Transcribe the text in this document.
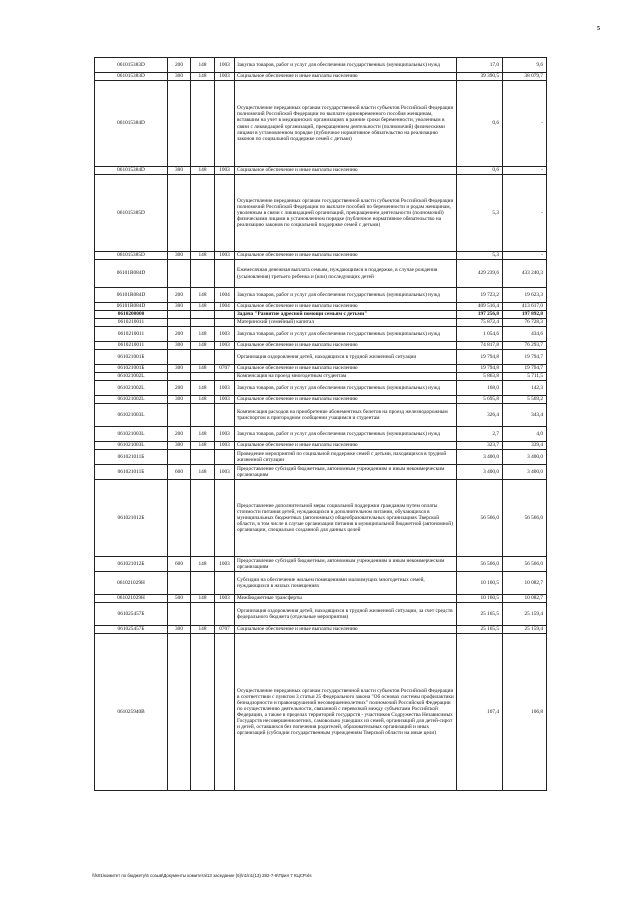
5
061015383D	200	148	1003	Закупка товаров, работ и услуг для обеспечения государственных (муниципальных) нужд	17,0	9,6
061015383D	300	148	1003	Социальное обеспечение и иные выплаты населению	39 390,5	38 079,7
061015384D				Осуществление переданных органам государственной власти субъектов Российской Федерации полномочий Российской Федерации по выплате единовременного пособия женщинам, вставшим на учет в медицинских организациях в ранние сроки беременности, уволенным в связи с ликвидацией организаций, прекращением деятельности (полномочий) физическими лицами в установленном порядке (публичное нормативное обязательство на реализацию законов по социальной поддержке семей с детьми)	0,6	-
061015384D	300	148	1003	Социальное обеспечение и иные выплаты населению	0,6	-
061015385D				Осуществление переданных органам государственной власти субъектов Российской Федерации полномочий Российской Федерации по выплате пособий по беременности и родам женщинам, уволенным в связи с ликвидацией организаций, прекращением деятельности (полномочий) физическими лицами в установленном порядке (публичное нормативное обязательство на реализацию законов по социальной поддержке семей с детьми)	5,3	-
061015385D	300	148	1003	Социальное обеспечение и иные выплаты населению	5,3	-
06101R084D				Ежемесячная денежная выплата семьям, нуждающимся в поддержке, в случае рождения (усыновления) третьего ребенка и (или) последующих детей	429 239,6	433 240,3
06101R084D	200	148	1004	Закупка товаров, работ и услуг для обеспечения государственных (муниципальных) нужд	19 723,2	19 623,3
06101R084D	300	148	1004	Социальное обеспечение и иные выплаты населению	409 516,4	413 617,0
0610200000				Задача "Развитие адресной помощи семьям с детьми"	197 256,8	197 892,8
0610210011				Материнский (семейный) капитал	75 872,4	76 728,3
0610210011	200	148	1003	Закупка товаров, работ и услуг для обеспечения государственных (муниципальных) нужд	1 054,6	434,6
0610210011	300	148	1003	Социальное обеспечение и иные выплаты населению	74 817,8	76 293,7
061021001Б				Организация оздоровления детей, находящихся в трудной жизненной ситуации	19 794,8	19 794,7
061021001Б	300	148	0707	Социальное обеспечение и иные выплаты населению	19 794,8	19 794,7
061021002L				Компенсация на проезд многодетным студентам	5 863,8	5 711,5
061021002L	200	148	1003	Закупка товаров, работ и услуг для обеспечения государственных (муниципальных) нужд	168,0	142,3
061021002L	300	148	1003	Социальное обеспечение и иные выплаты населению	5 695,8	5 569,2
061021003L				Компенсация расходов на приобретение абонементных билетов на проезд железнодорожным транспортом в пригородном сообщении учащимся и студентам	326,4	343,4
061021003L	200	148	1003	Закупка товаров, работ и услуг для обеспечения государственных (муниципальных) нужд	2,7	4,0
061021003L	300	148	1003	Социальное обеспечение и иные выплаты населению	323,7	339,4
061021011Б				Проведение мероприятий по социальной поддержке семей с детьми, находящихся в трудной жизненной ситуации	3 400,0	3 400,0
061021011Б	600	148	1003	Предоставление субсидий бюджетным, автономным учреждениям и иным некоммерческим организациям	3 400,0	3 400,0
061021012Б				Предоставление дополнительной меры социальной поддержки гражданам путем оплаты стоимости питания детей, нуждающихся в дополнительном питании, обучающихся в муниципальных бюджетных (автономных) общеобразовательных организациях Тверской области, в том числе в случае организации питания в муниципальной бюджетной (автономной) организации, специально созданной для данных целей	56 566,0	56 566,0
061021012Б	600	148	1003	Предоставление субсидий бюджетным, автономным учреждениям и иным некоммерческим организациям	56 566,0	56 566,0
061021029Н				Субсидии на обеспечение жильем помещениями малоимущих многодетных семей, нуждающихся в жилых помещениях	10 160,5	10 082,7
061021029Н	500	148	1003	Межбюджетные трансферты	10 160,5	10 082,7
061025457Б				Организация оздоровления детей, находящихся в трудной жизненной ситуации, за счет средств федерального бюджета (отдельные мероприятия)	25 165,5	25 159,4
061025457Б	300	148	0707	Социальное обеспечение и иные выплаты населению	25 165,5	25 159,4
061025940В				Осуществление переданных органам государственной власти субъектов Российской Федерации в соответствии с пунктом 3 статьи 25 Федерального закона "Об основах системы профилактики безнадзорности и правонарушений несовершеннолетних" полномочий Российской Федерации по осуществлению деятельности, связанной с перевозкой между субъектами Российской Федерации, а также в пределах территорий государств - участников Содружества Независимых Государств несовершеннолетних, самовольно ушедших из семей, организаций для детей-сирот и детей, оставшихся без попечения родителей, образовательных организаций и иных организаций (субсидии государственным учреждениям Тверской области на иные цели)	107,4	106,8
\\fs01\комитет по бюджету\6 созыв\Документы комитета\13 заседание (6)\п1\п1(13) 282-7-6\Прил 7 КЦСР.xls
